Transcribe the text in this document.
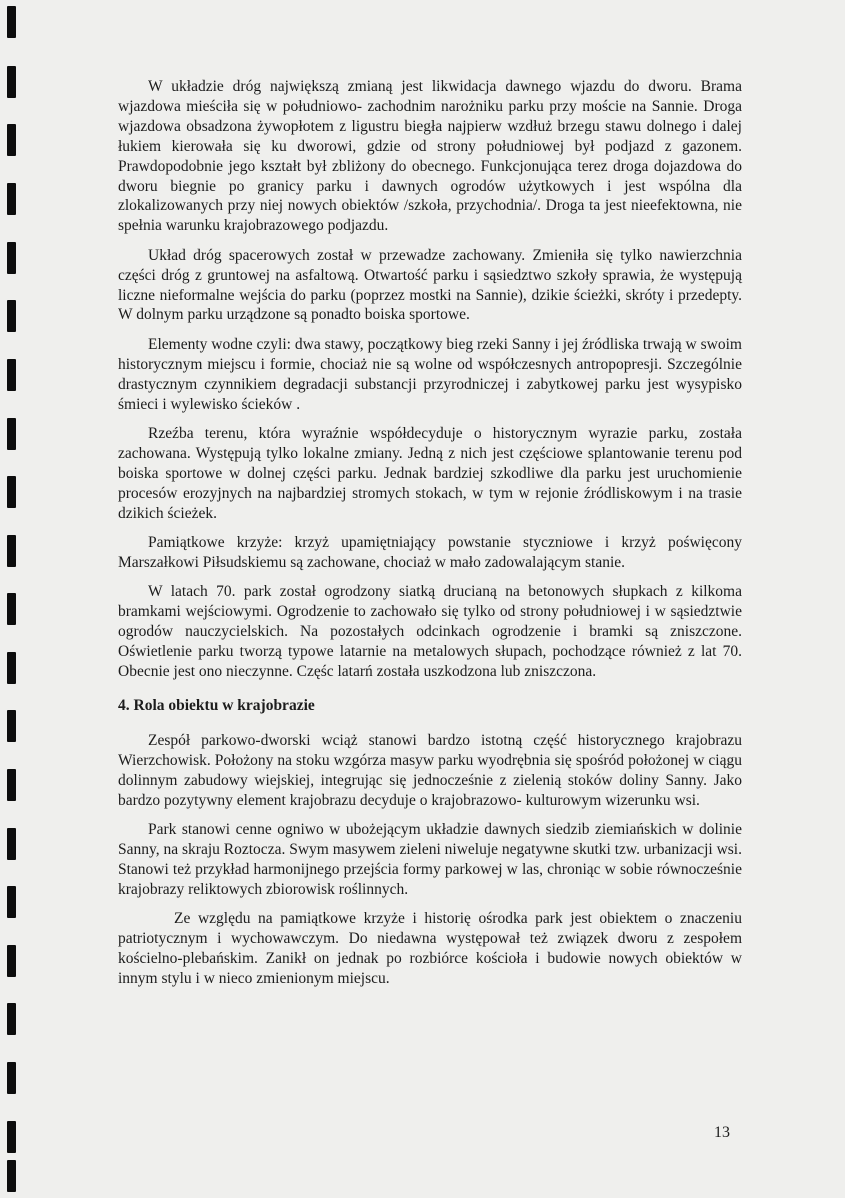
W układzie dróg największą zmianą jest likwidacja dawnego wjazdu do dworu. Brama wjazdowa mieściła się w południowo- zachodnim narożniku parku przy moście na Sannie. Droga wjazdowa obsadzona żywopłotem z ligustru biegła najpierw wzdłuż brzegu stawu dolnego i dalej łukiem kierowała się ku dworowi, gdzie od strony południowej był podjazd z gazonem. Prawdopodobnie jego kształt był zbliżony do obecnego. Funkcjonująca terez droga dojazdowa do dworu biegnie po granicy parku i dawnych ogrodów użytkowych i jest wspólna dla zlokalizowanych przy niej nowych obiektów /szkoła, przychodnia/. Droga ta jest nieefektowna, nie spełnia warunku krajobrazowego podjazdu.

Układ dróg spacerowych został w przewadze zachowany. Zmieniła się tylko nawierzchnia części dróg z gruntowej na asfaltową. Otwartość parku i sąsiedztwo szkoły sprawia, że występują liczne nieformalne wejścia do parku (poprzez mostki na Sannie), dzikie ścieżki, skróty i przedepty. W dolnym parku urządzone są ponadto boiska sportowe.

Elementy wodne czyli: dwa stawy, początkowy bieg rzeki Sanny i jej źródliska trwają w swoim historycznym miejscu i formie, chociaż nie są wolne od współczesnych antropopresji. Szczególnie drastycznym czynnikiem degradacji substancji przyrodniczej i zabytkowej parku jest wysypisko śmieci i wylewisko ścieków .

Rzeźba terenu, która wyraźnie współdecyduje o historycznym wyrazie parku, została zachowana. Występują tylko lokalne zmiany. Jedną z nich jest częściowe splantowanie terenu pod boiska sportowe w dolnej części parku. Jednak bardziej szkodliwe dla parku jest uruchomienie procesów erozyjnych na najbardziej stromych stokach, w tym w rejonie źródliskowym i na trasie dzikich ścieżek.

Pamiątkowe krzyże: krzyż upamiętniający powstanie styczniowe i krzyż poświęcony Marszałkowi Piłsudskiemu są zachowane, chociaż w mało zadowalającym stanie.

W latach 70. park został ogrodzony siatką drucianą na betonowych słupkach z kilkoma bramkami wejściowymi. Ogrodzenie to zachowało się tylko od strony południowej i w sąsiedztwie ogrodów nauczycielskich. Na pozostałych odcinkach ogrodzenie i bramki są zniszczone. Oświetlenie parku tworzą typowe latarnie na metalowych słupach, pochodzące również z lat 70. Obecnie jest ono nieczynne. Częśc latarń została uszkodzona lub zniszczona.

4. Rola obiektu w krajobrazie

Zespół parkowo-dworski wciąż stanowi bardzo istotną część historycznego krajobrazu Wierzchowisk. Położony na stoku wzgórza masyw parku wyodrębnia się spośród położonej w ciągu dolinnym zabudowy wiejskiej, integrując się jednocześnie z zielenią stoków doliny Sanny. Jako bardzo pozytywny element krajobrazu decyduje o krajobrazowo- kulturowym wizerunku wsi.

Park stanowi cenne ogniwo w ubożejącym układzie dawnych siedzib ziemiańskich w dolinie Sanny, na skraju Roztocza. Swym masywem zieleni niweluje negatywne skutki tzw. urbanizacji wsi. Stanowi też przykład harmonijnego przejścia formy parkowej w las, chroniąc w sobie równocześnie krajobrazy reliktowych zbiorowisk roślinnych.

Ze względu na pamiątkowe krzyże i historię ośrodka park jest obiektem o znaczeniu patriotycznym i wychowawczym. Do niedawna występował też związek dworu z zespołem kościelno-plebańskim. Zanikł on jednak po rozbiórce kościoła i budowie nowych obiektów w innym stylu i w nieco zmienionym miejscu.

13
